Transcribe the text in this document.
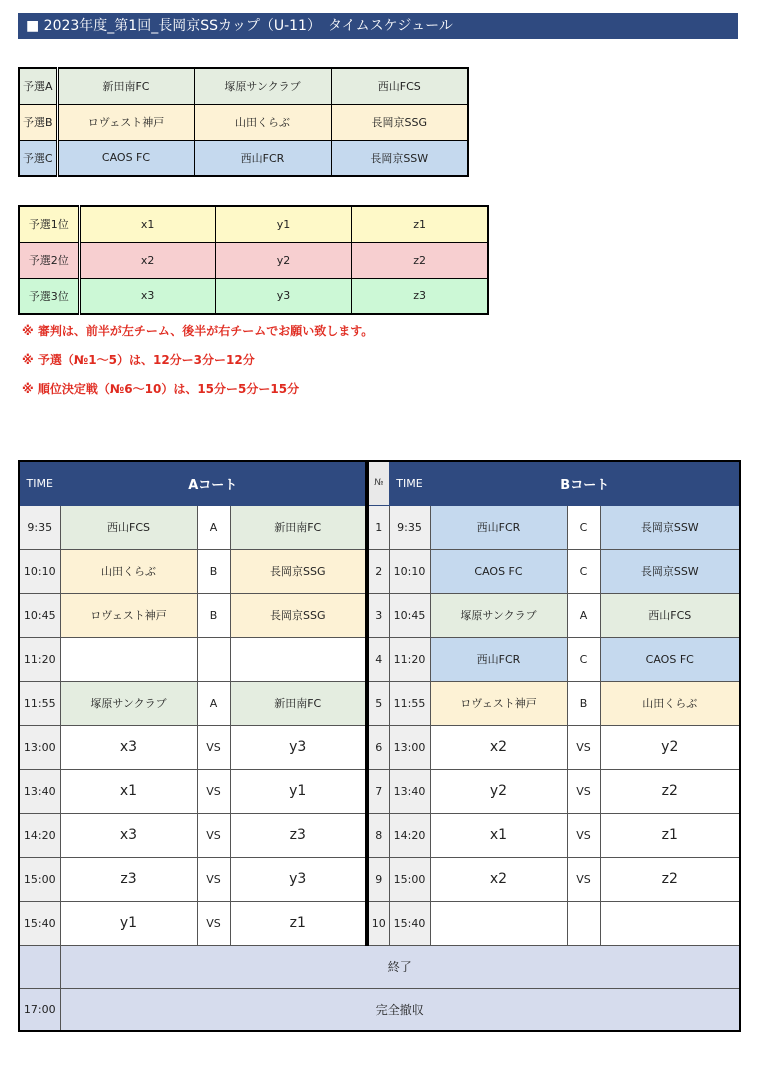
■ 2023年度_第1回_長岡京SSカップ（U-11）　タイムスケジュール
予選A	新田南FC	塚原サンクラブ	西山FCS
予選B	ロヴェスト神戸	山田くらぶ	長岡京SSG
予選C	CAOS FC	西山FCR	長岡京SSW
予選1位	x1	y1	z1
予選2位	x2	y2	z2
予選3位	x3	y3	z3
※ 審判は、前半が左チーム、後半が右チームでお願い致します。
※ 予選（№1～5）は、12分ー3分ー12分
※ 順位決定戦（№6～10）は、15分ー5分ー15分
TIME	Aコート			№	TIME	Bコート		
9:35	西山FCS	A	新田南FC	1	9:35	西山FCR	C	長岡京SSW
10:10	山田くらぶ	B	長岡京SSG	2	10:10	CAOS FC	C	長岡京SSW
10:45	ロヴェスト神戸	B	長岡京SSG	3	10:45	塚原サンクラブ	A	西山FCS
11:20				4	11:20	西山FCR	C	CAOS FC
11:55	塚原サンクラブ	A	新田南FC	5	11:55	ロヴェスト神戸	B	山田くらぶ
13:00	x3	VS	y3	6	13:00	x2	VS	y2
13:40	x1	VS	y1	7	13:40	y2	VS	z2
14:20	x3	VS	z3	8	14:20	x1	VS	z1
15:00	z3	VS	y3	9	15:00	x2	VS	z2
15:40	y1	VS	z1	10	15:40			
	終了							
17:00	完全撤収							
